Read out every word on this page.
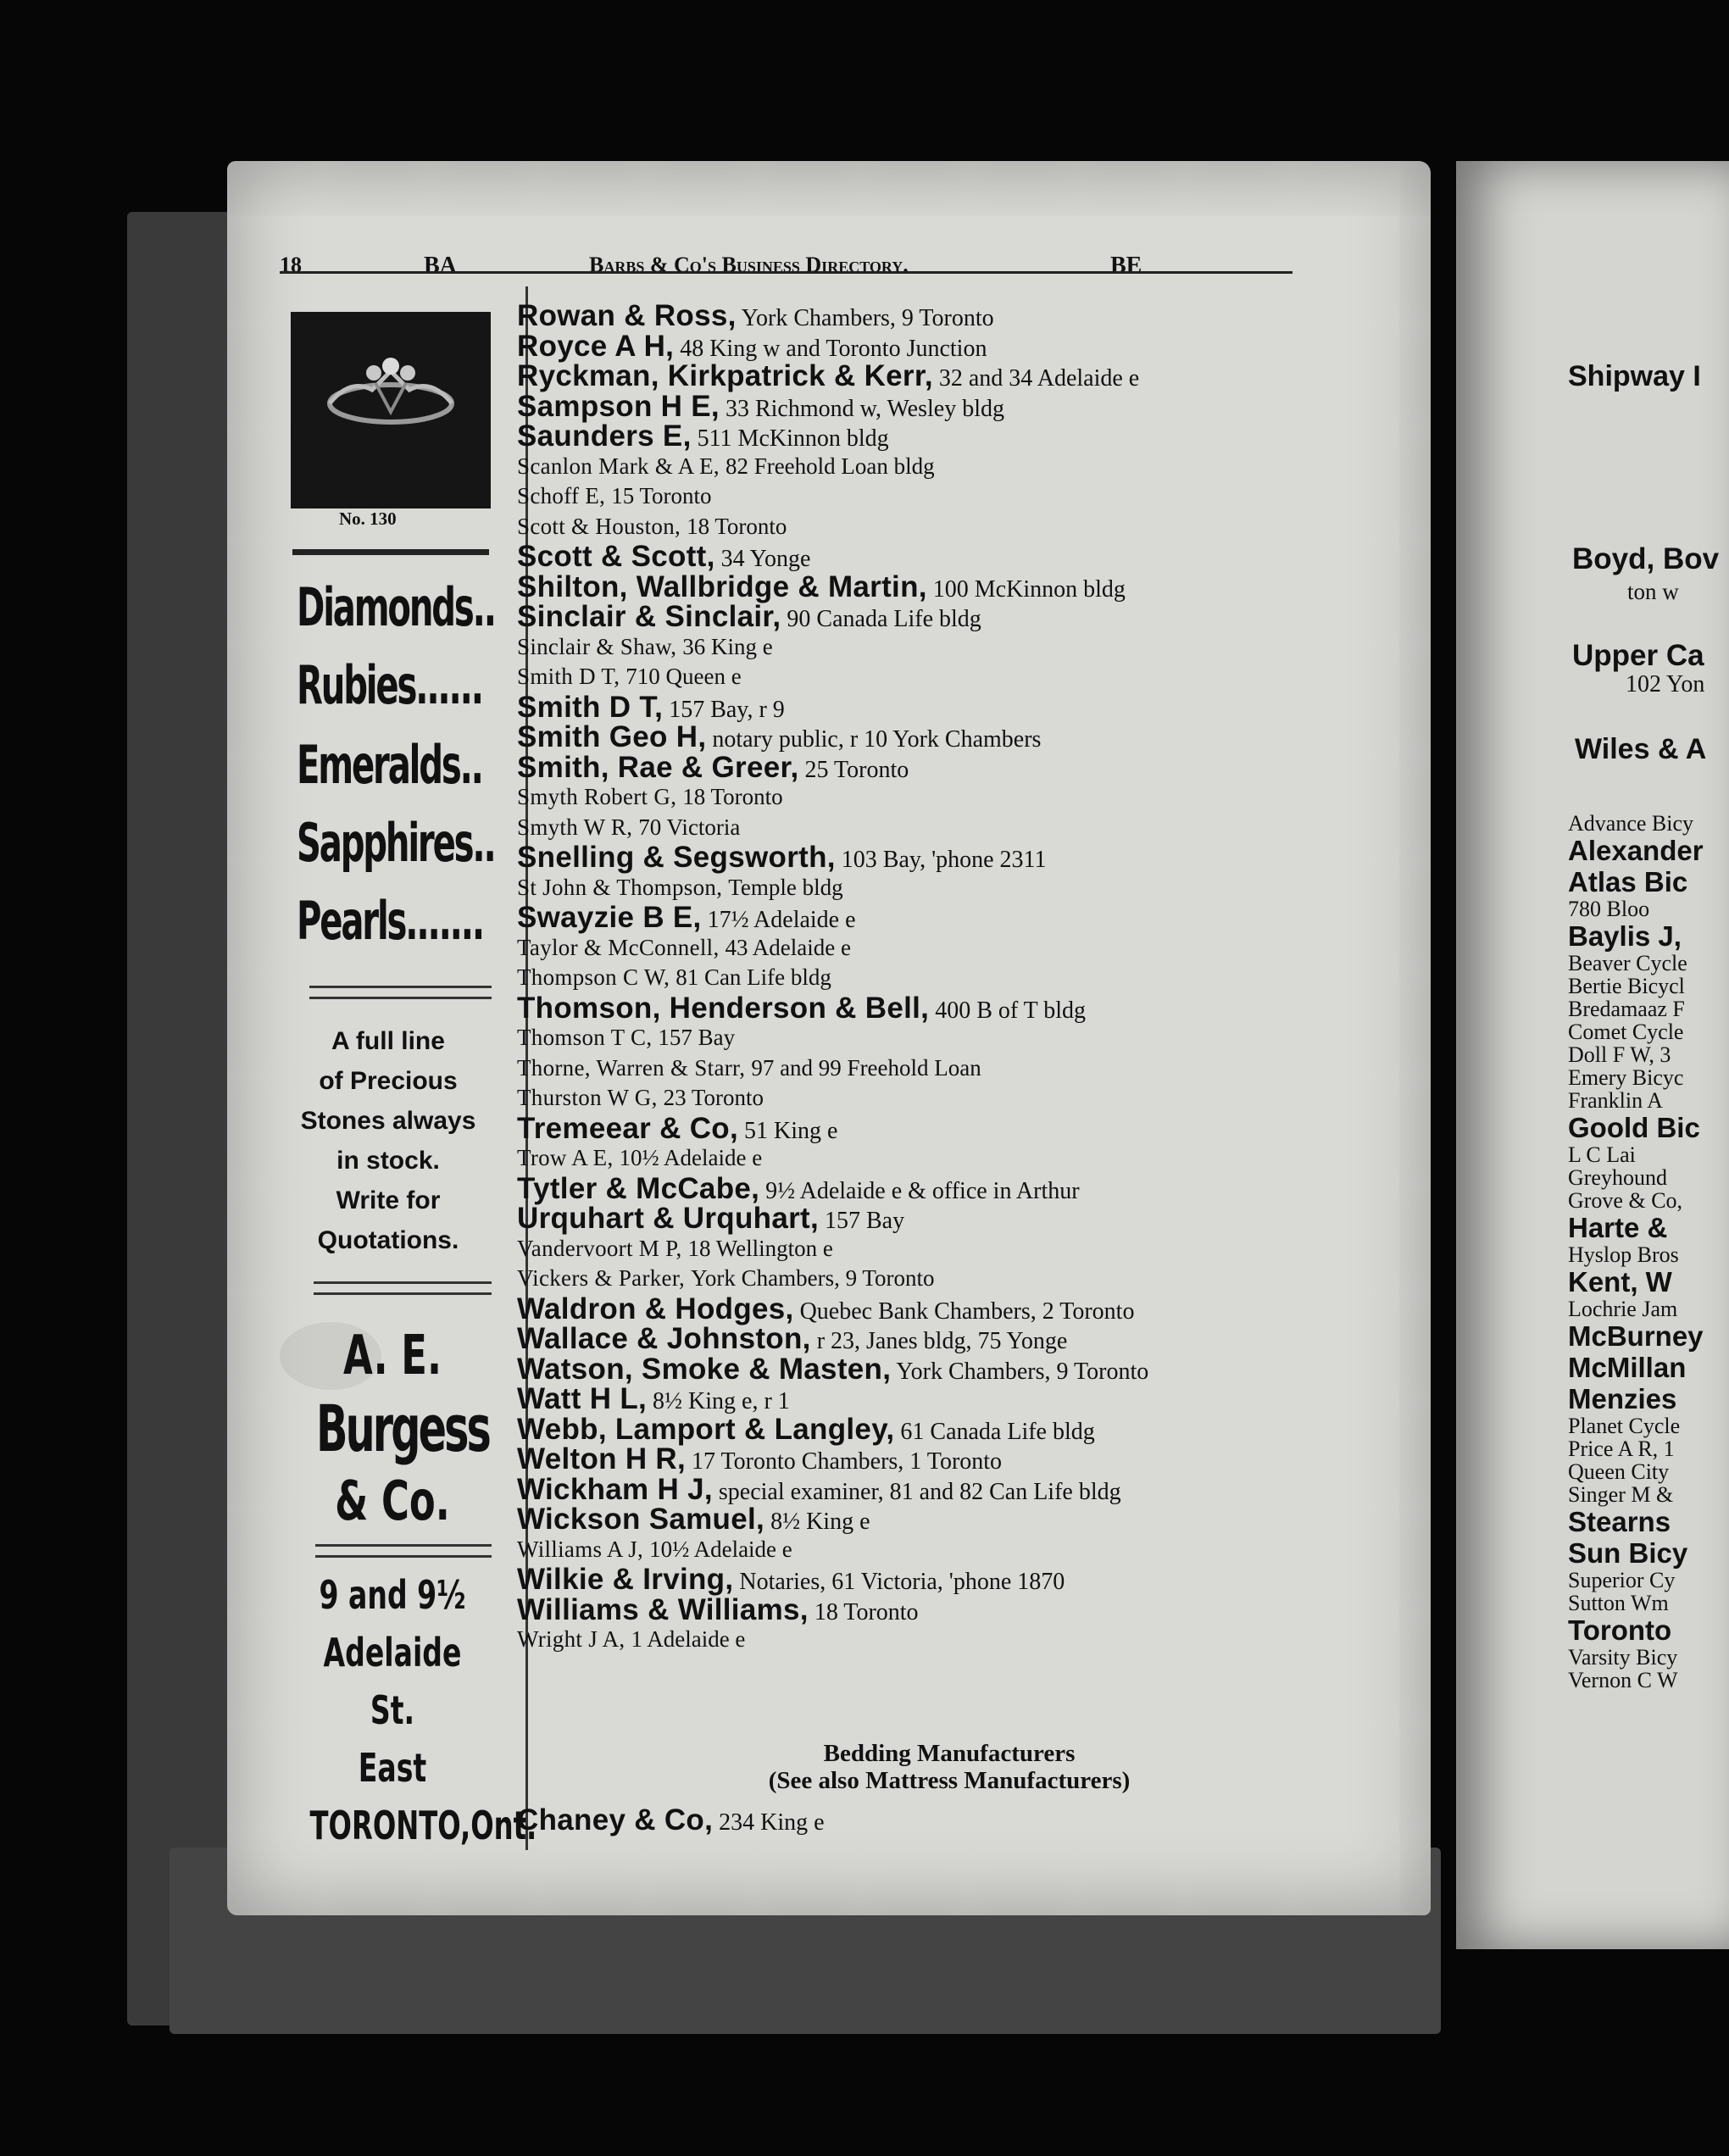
18	BA	Barbs & Co's Business Directory.	BE
No. 130
Diamonds..
Rubies......
Emeralds..
Sapphires..
Pearls.......
A full line
of Precious
Stones always
in stock.
Write for
Quotations.
A. E.
Burgess
& Co.
9 and 9½
Adelaide St.
East
TORONTO,Ont.
Rowan & Ross, York Chambers, 9 Toronto
Royce A H, 48 King w and Toronto Junction
Ryckman, Kirkpatrick & Kerr, 32 and 34 Adelaide e
Sampson H E, 33 Richmond w, Wesley bldg
Saunders E, 511 McKinnon bldg
Scanlon Mark & A E, 82 Freehold Loan bldg
Schoff E, 15 Toronto
Scott & Houston, 18 Toronto
Scott & Scott, 34 Yonge
Shilton, Wallbridge & Martin, 100 McKinnon bldg
Sinclair & Sinclair, 90 Canada Life bldg
Sinclair & Shaw, 36 King e
Smith D T, 710 Queen e
Smith D T, 157 Bay, r 9
Smith Geo H, notary public, r 10 York Chambers
Smith, Rae & Greer, 25 Toronto
Smyth Robert G, 18 Toronto
Smyth W R, 70 Victoria
Snelling & Segsworth, 103 Bay, 'phone 2311
St John & Thompson, Temple bldg
Swayzie B E, 17½ Adelaide e
Taylor & McConnell, 43 Adelaide e
Thompson C W, 81 Can Life bldg
Thomson, Henderson & Bell, 400 B of T bldg
Thomson T C, 157 Bay
Thorne, Warren & Starr, 97 and 99 Freehold Loan
Thurston W G, 23 Toronto
Tremeear & Co, 51 King e
Trow A E, 10½ Adelaide e
Tytler & McCabe, 9½ Adelaide e & office in Arthur
Urquhart & Urquhart, 157 Bay
Vandervoort M P, 18 Wellington e
Vickers & Parker, York Chambers, 9 Toronto
Waldron & Hodges, Quebec Bank Chambers, 2 Toronto
Wallace & Johnston, r 23, Janes bldg, 75 Yonge
Watson, Smoke & Masten, York Chambers, 9 Toronto
Watt H L, 8½ King e, r 1
Webb, Lamport & Langley, 61 Canada Life bldg
Welton H R, 17 Toronto Chambers, 1 Toronto
Wickham H J, special examiner, 81 and 82 Can Life bldg
Wickson Samuel, 8½ King e
Williams A J, 10½ Adelaide e
Wilkie & Irving, Notaries, 61 Victoria, 'phone 1870
Williams & Williams, 18 Toronto
Wright J A, 1 Adelaide e
Bedding Manufacturers
(See also Mattress Manufacturers)
Chaney & Co, 234 King e
Shipway I
Boyd, Bov
ton w
Upper Ca
102 Yon
Wiles & A
Advance Bicy
Alexander
Atlas Bic
780 Bloo
Baylis J,
Beaver Cycle
Bertie Bicycl
Bredamaaz F
Comet Cycle
Doll F W, 3
Emery Bicyc
Franklin A
Goold Bic
L C Lai
Greyhound
Grove & Co,
Harte &
Hyslop Bros
Kent, W
Lochrie Jam
McBurney
McMillan
Menzies
Planet Cycle
Price A R, 1
Queen City
Singer M &
Stearns
Sun Bicy
Superior Cy
Sutton Wm
Toronto
Varsity Bicy
Vernon C W
